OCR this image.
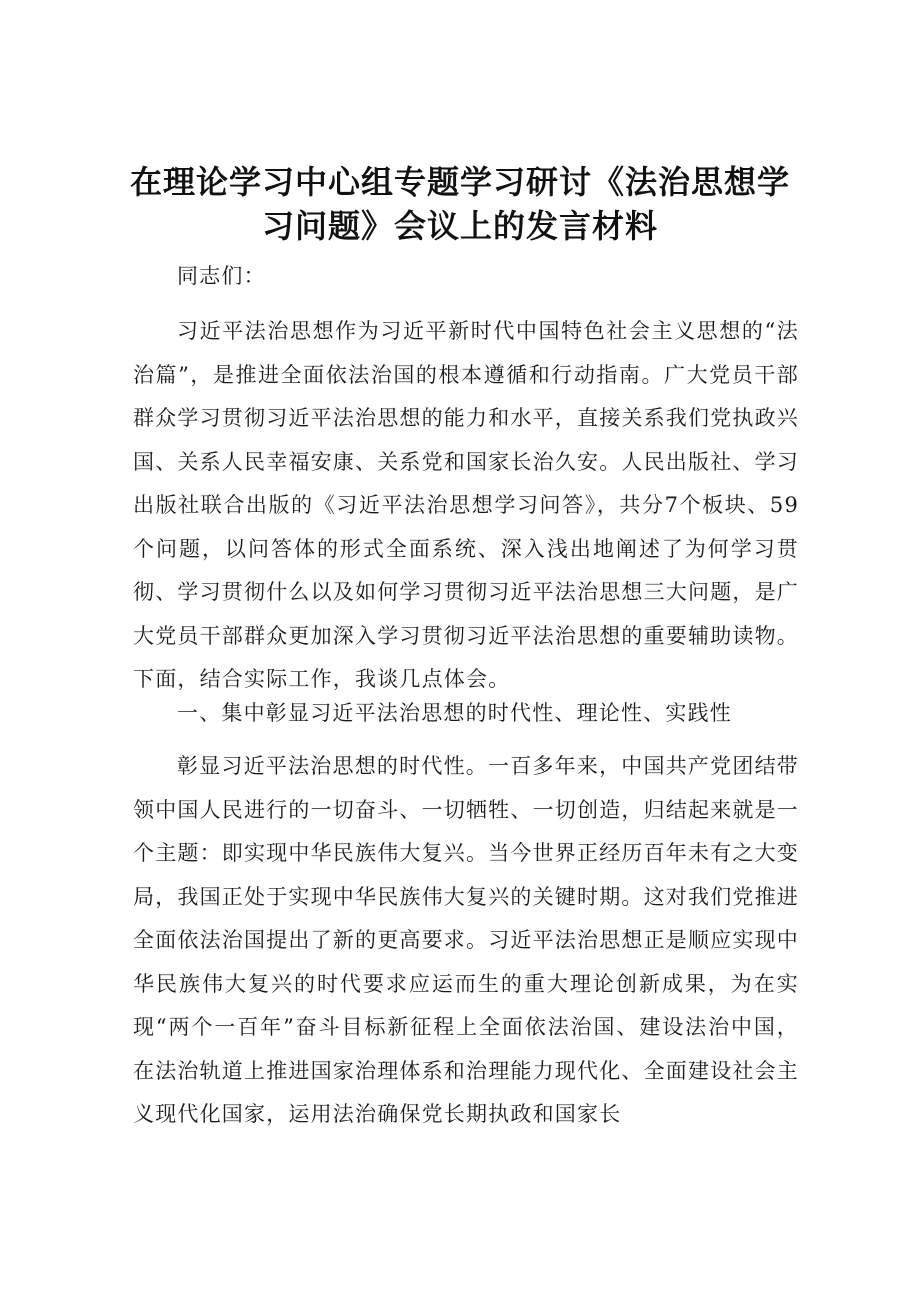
在理论学习中心组专题学习研讨《法治思想学
习问题》会议上的发言材料

同志们：

习近平法治思想作为习近平新时代中国特色社会主义思想的“法治篇”，是推进全面依法治国的根本遵循和行动指南。广大党员干部群众学习贯彻习近平法治思想的能力和水平，直接关系我们党执政兴国、关系人民幸福安康、关系党和国家长治久安。人民出版社、学习出版社联合出版的《习近平法治思想学习问答》，共分7个板块、59个问题，以问答体的形式全面系统、深入浅出地阐述了为何学习贯彻、学习贯彻什么以及如何学习贯彻习近平法治思想三大问题，是广大党员干部群众更加深入学习贯彻习近平法治思想的重要辅助读物。下面，结合实际工作，我谈几点体会。

一、集中彰显习近平法治思想的时代性、理论性、实践性

彰显习近平法治思想的时代性。一百多年来，中国共产党团结带领中国人民进行的一切奋斗、一切牺牲、一切创造，归结起来就是一个主题：即实现中华民族伟大复兴。当今世界正经历百年未有之大变局，我国正处于实现中华民族伟大复兴的关键时期。这对我们党推进全面依法治国提出了新的更高要求。习近平法治思想正是顺应实现中华民族伟大复兴的时代要求应运而生的重大理论创新成果，为在实现“两个一百年”奋斗目标新征程上全面依法治国、建设法治中国，在法治轨道上推进国家治理体系和治理能力现代化、全面建设社会主义现代化国家，运用法治确保党长期执政和国家长
